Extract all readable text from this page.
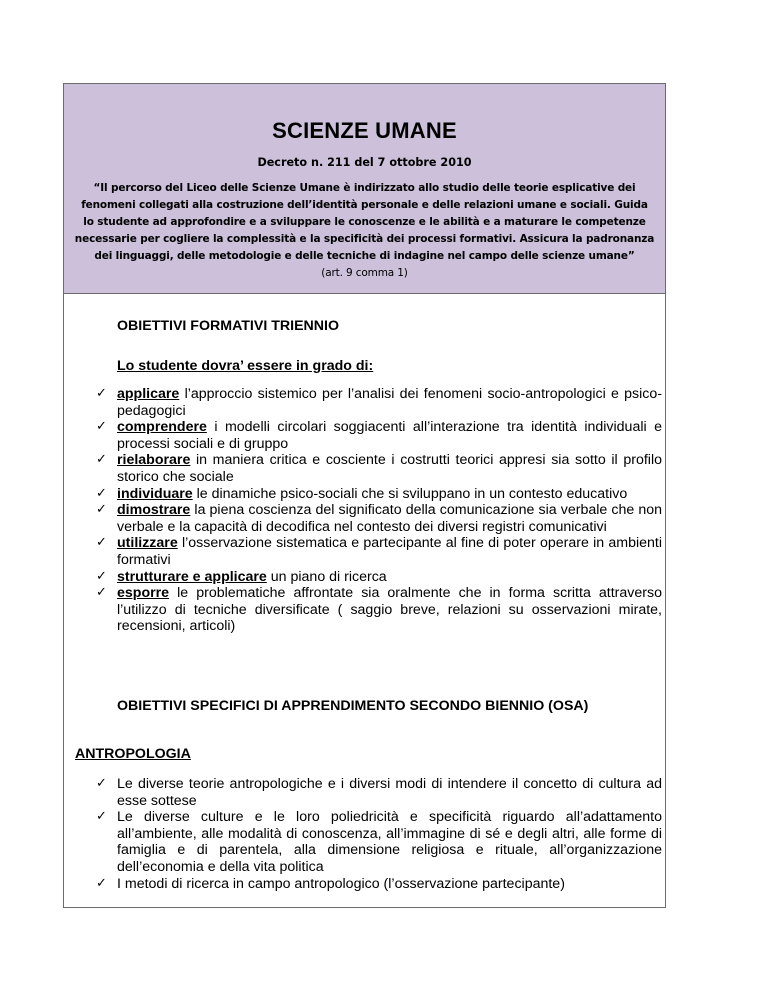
SCIENZE UMANE
Decreto n. 211 del 7 ottobre 2010
“Il percorso del Liceo delle Scienze Umane è indirizzato allo studio delle teorie esplicative dei
fenomeni collegati alla costruzione dell’identità personale e delle relazioni umane e sociali. Guida
lo studente ad approfondire e a sviluppare le conoscenze e le abilità e a maturare le competenze
necessarie per cogliere la complessità e la specificità dei processi formativi. Assicura la padronanza
dei linguaggi, delle metodologie e delle tecniche di indagine nel campo delle scienze umane”
(art. 9 comma 1)
OBIETTIVI FORMATIVI TRIENNIO
Lo studente dovra’ essere in grado di:
✓ applicare l’approccio sistemico per l’analisi dei fenomeni socio-antropologici e psico-pedagogici
✓ comprendere i modelli circolari soggiacenti all’interazione tra identità individuali e processi sociali e di gruppo
✓ rielaborare in maniera critica e cosciente i costrutti teorici appresi sia sotto il profilo storico che sociale
✓ individuare le dinamiche psico-sociali che si sviluppano in un contesto educativo
✓ dimostrare la piena coscienza del significato della comunicazione sia verbale che non verbale e la capacità di decodifica nel contesto dei diversi registri comunicativi
✓ utilizzare l’osservazione sistematica e partecipante al fine di poter operare in ambienti formativi
✓ strutturare e applicare un piano di ricerca
✓ esporre le problematiche affrontate sia oralmente che in forma scritta attraverso l’utilizzo di tecniche diversificate ( saggio breve, relazioni su osservazioni mirate, recensioni, articoli)
OBIETTIVI SPECIFICI DI APPRENDIMENTO SECONDO BIENNIO (OSA)
ANTROPOLOGIA
✓ Le diverse teorie antropologiche e i diversi modi di intendere il concetto di cultura ad esse sottese
✓ Le diverse culture e le loro poliedricità e specificità riguardo all’adattamento all’ambiente, alle modalità di conoscenza, all’immagine di sé e degli altri, alle forme di famiglia e di parentela, alla dimensione religiosa e rituale, all’organizzazione dell’economia e della vita politica
✓ I metodi di ricerca in campo antropologico (l’osservazione partecipante)
